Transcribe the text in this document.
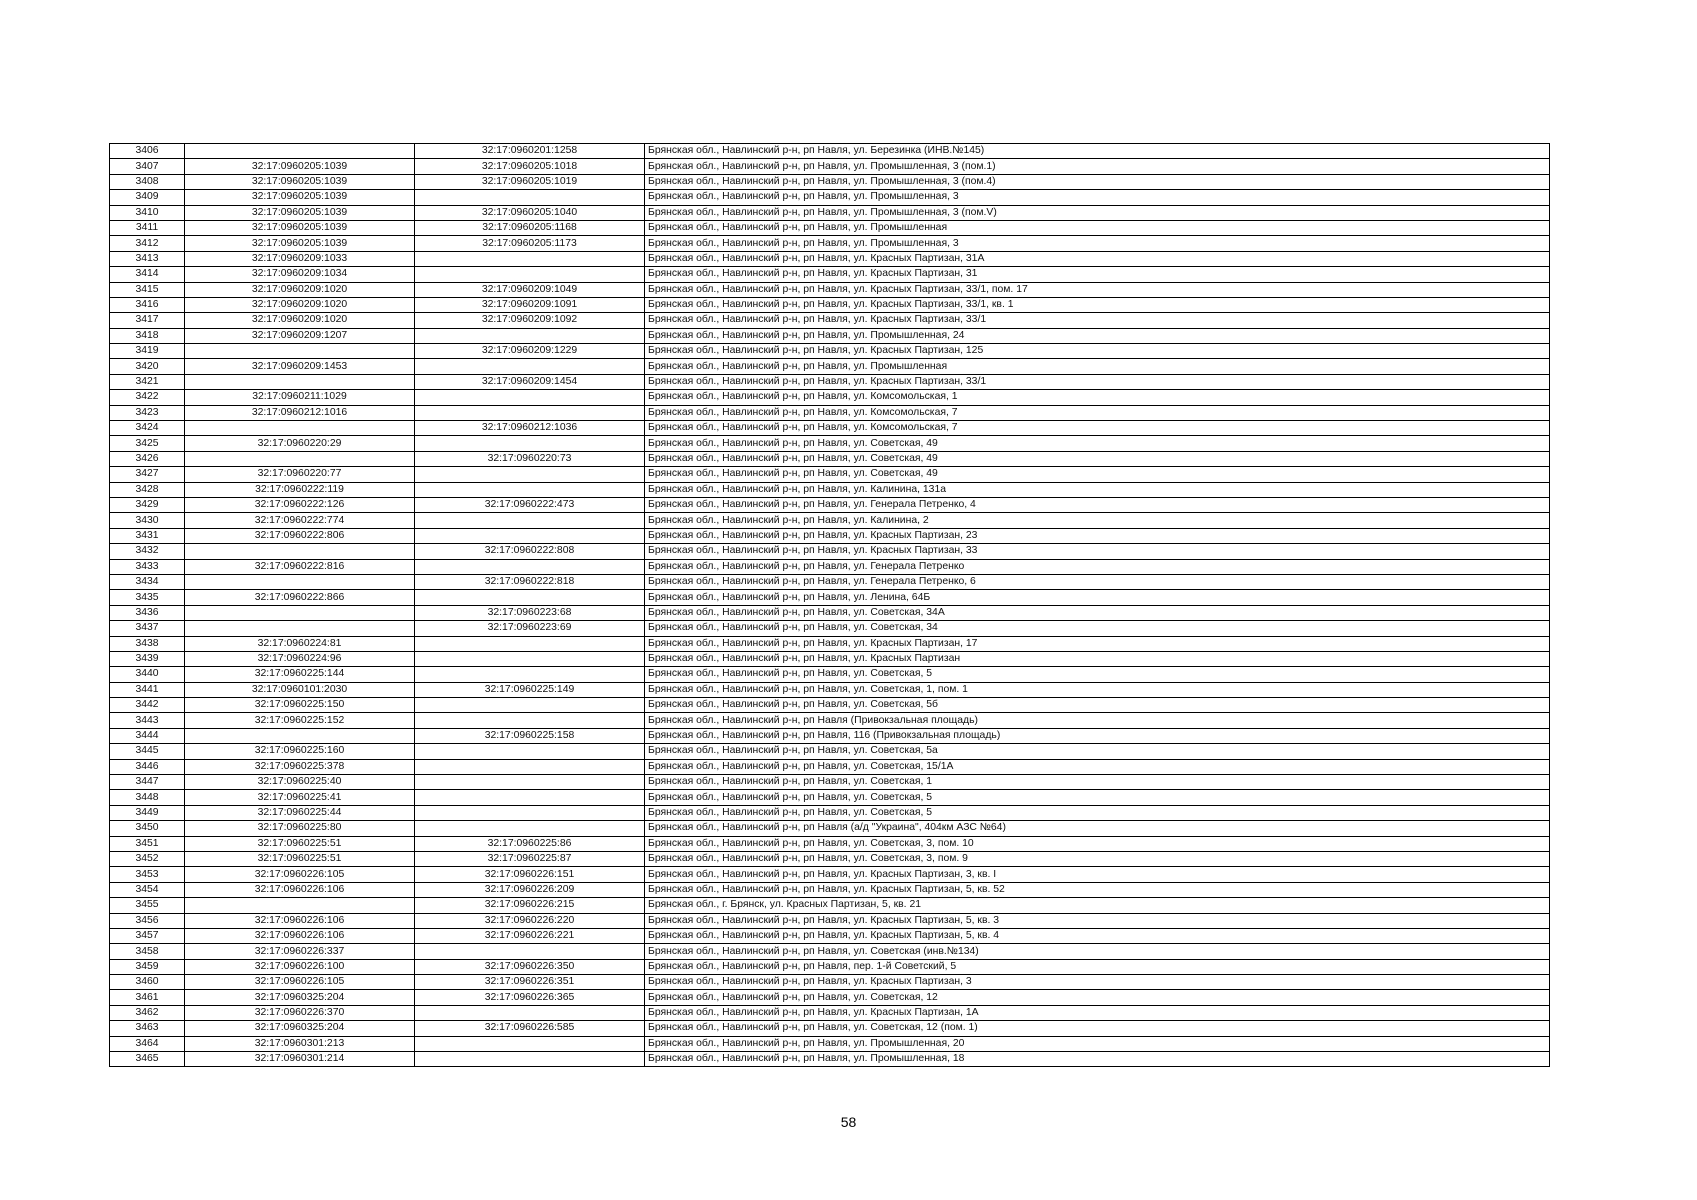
3406		32:17:0960201:1258	Брянская обл., Навлинский р-н, рп Навля, ул. Березинка (ИНВ.№145)
3407	32:17:0960205:1039	32:17:0960205:1018	Брянская обл., Навлинский р-н, рп Навля, ул. Промышленная, 3 (пом.1)
3408	32:17:0960205:1039	32:17:0960205:1019	Брянская обл., Навлинский р-н, рп Навля, ул. Промышленная, 3 (пом.4)
3409	32:17:0960205:1039		Брянская обл., Навлинский р-н, рп Навля, ул. Промышленная, 3
3410	32:17:0960205:1039	32:17:0960205:1040	Брянская обл., Навлинский р-н, рп Навля, ул. Промышленная, 3 (пом.V)
3411	32:17:0960205:1039	32:17:0960205:1168	Брянская обл., Навлинский р-н, рп Навля, ул. Промышленная
3412	32:17:0960205:1039	32:17:0960205:1173	Брянская обл., Навлинский р-н, рп Навля, ул. Промышленная, 3
3413	32:17:0960209:1033		Брянская обл., Навлинский р-н, рп Навля, ул. Красных Партизан, 31А
3414	32:17:0960209:1034		Брянская обл., Навлинский р-н, рп Навля, ул. Красных Партизан, 31
3415	32:17:0960209:1020	32:17:0960209:1049	Брянская обл., Навлинский р-н, рп Навля, ул. Красных Партизан, 33/1, пом. 17
3416	32:17:0960209:1020	32:17:0960209:1091	Брянская обл., Навлинский р-н, рп Навля, ул. Красных Партизан, 33/1, кв. 1
3417	32:17:0960209:1020	32:17:0960209:1092	Брянская обл., Навлинский р-н, рп Навля, ул. Красных Партизан, 33/1
3418	32:17:0960209:1207		Брянская обл., Навлинский р-н, рп Навля, ул. Промышленная, 24
3419		32:17:0960209:1229	Брянская обл., Навлинский р-н, рп Навля, ул. Красных Партизан, 125
3420	32:17:0960209:1453		Брянская обл., Навлинский р-н, рп Навля, ул. Промышленная
3421		32:17:0960209:1454	Брянская обл., Навлинский р-н, рп Навля, ул. Красных Партизан, 33/1
3422	32:17:0960211:1029		Брянская обл., Навлинский р-н, рп Навля, ул. Комсомольская, 1
3423	32:17:0960212:1016		Брянская обл., Навлинский р-н, рп Навля, ул. Комсомольская, 7
3424		32:17:0960212:1036	Брянская обл., Навлинский р-н, рп Навля, ул. Комсомольская, 7
3425	32:17:0960220:29		Брянская обл., Навлинский р-н, рп Навля, ул. Советская, 49
3426		32:17:0960220:73	Брянская обл., Навлинский р-н, рп Навля, ул. Советская, 49
3427	32:17:0960220:77		Брянская обл., Навлинский р-н, рп Навля, ул. Советская, 49
3428	32:17:0960222:119		Брянская обл., Навлинский р-н, рп Навля, ул. Калинина, 131а
3429	32:17:0960222:126	32:17:0960222:473	Брянская обл., Навлинский р-н, рп Навля, ул. Генерала Петренко, 4
3430	32:17:0960222:774		Брянская обл., Навлинский р-н, рп Навля, ул. Калинина, 2
3431	32:17:0960222:806		Брянская обл., Навлинский р-н, рп Навля, ул. Красных Партизан, 23
3432		32:17:0960222:808	Брянская обл., Навлинский р-н, рп Навля, ул. Красных Партизан, 33
3433	32:17:0960222:816		Брянская обл., Навлинский р-н, рп Навля, ул. Генерала Петренко
3434		32:17:0960222:818	Брянская обл., Навлинский р-н, рп Навля, ул. Генерала Петренко, 6
3435	32:17:0960222:866		Брянская обл., Навлинский р-н, рп Навля, ул. Ленина, 64Б
3436		32:17:0960223:68	Брянская обл., Навлинский р-н, рп Навля, ул. Советская, 34А
3437		32:17:0960223:69	Брянская обл., Навлинский р-н, рп Навля, ул. Советская, 34
3438	32:17:0960224:81		Брянская обл., Навлинский р-н, рп Навля, ул. Красных Партизан, 17
3439	32:17:0960224:96		Брянская обл., Навлинский р-н, рп Навля, ул. Красных Партизан
3440	32:17:0960225:144		Брянская обл., Навлинский р-н, рп Навля, ул. Советская, 5
3441	32:17:0960101:2030	32:17:0960225:149	Брянская обл., Навлинский р-н, рп Навля, ул. Советская, 1, пом. 1
3442	32:17:0960225:150		Брянская обл., Навлинский р-н, рп Навля, ул. Советская, 5б
3443	32:17:0960225:152		Брянская обл., Навлинский р-н, рп Навля (Привокзальная площадь)
3444		32:17:0960225:158	Брянская обл., Навлинский р-н, рп Навля, 116 (Привокзальная площадь)
3445	32:17:0960225:160		Брянская обл., Навлинский р-н, рп Навля, ул. Советская, 5а
3446	32:17:0960225:378		Брянская обл., Навлинский р-н, рп Навля, ул. Советская, 15/1А
3447	32:17:0960225:40		Брянская обл., Навлинский р-н, рп Навля, ул. Советская, 1
3448	32:17:0960225:41		Брянская обл., Навлинский р-н, рп Навля, ул. Советская, 5
3449	32:17:0960225:44		Брянская обл., Навлинский р-н, рп Навля, ул. Советская, 5
3450	32:17:0960225:80		Брянская обл., Навлинский р-н, рп Навля (а/д "Украина", 404км АЗС №64)
3451	32:17:0960225:51	32:17:0960225:86	Брянская обл., Навлинский р-н, рп Навля, ул. Советская, 3, пом. 10
3452	32:17:0960225:51	32:17:0960225:87	Брянская обл., Навлинский р-н, рп Навля, ул. Советская, 3, пом. 9
3453	32:17:0960226:105	32:17:0960226:151	Брянская обл., Навлинский р-н, рп Навля, ул. Красных Партизан, 3, кв. I
3454	32:17:0960226:106	32:17:0960226:209	Брянская обл., Навлинский р-н, рп Навля, ул. Красных Партизан, 5, кв. 52
3455		32:17:0960226:215	Брянская обл., г. Брянск, ул. Красных Партизан, 5, кв. 21
3456	32:17:0960226:106	32:17:0960226:220	Брянская обл., Навлинский р-н, рп Навля, ул. Красных Партизан, 5, кв. 3
3457	32:17:0960226:106	32:17:0960226:221	Брянская обл., Навлинский р-н, рп Навля, ул. Красных Партизан, 5, кв. 4
3458	32:17:0960226:337		Брянская обл., Навлинский р-н, рп Навля, ул. Советская (инв.№134)
3459	32:17:0960226:100	32:17:0960226:350	Брянская обл., Навлинский р-н, рп Навля, пер. 1-й Советский, 5
3460	32:17:0960226:105	32:17:0960226:351	Брянская обл., Навлинский р-н, рп Навля, ул. Красных Партизан, 3
3461	32:17:0960325:204	32:17:0960226:365	Брянская обл., Навлинский р-н, рп Навля, ул. Советская, 12
3462	32:17:0960226:370		Брянская обл., Навлинский р-н, рп Навля, ул. Красных Партизан, 1А
3463	32:17:0960325:204	32:17:0960226:585	Брянская обл., Навлинский р-н, рп Навля, ул. Советская, 12 (пом. 1)
3464	32:17:0960301:213		Брянская обл., Навлинский р-н, рп Навля, ул. Промышленная, 20
3465	32:17:0960301:214		Брянская обл., Навлинский р-н, рп Навля, ул. Промышленная, 18
58
